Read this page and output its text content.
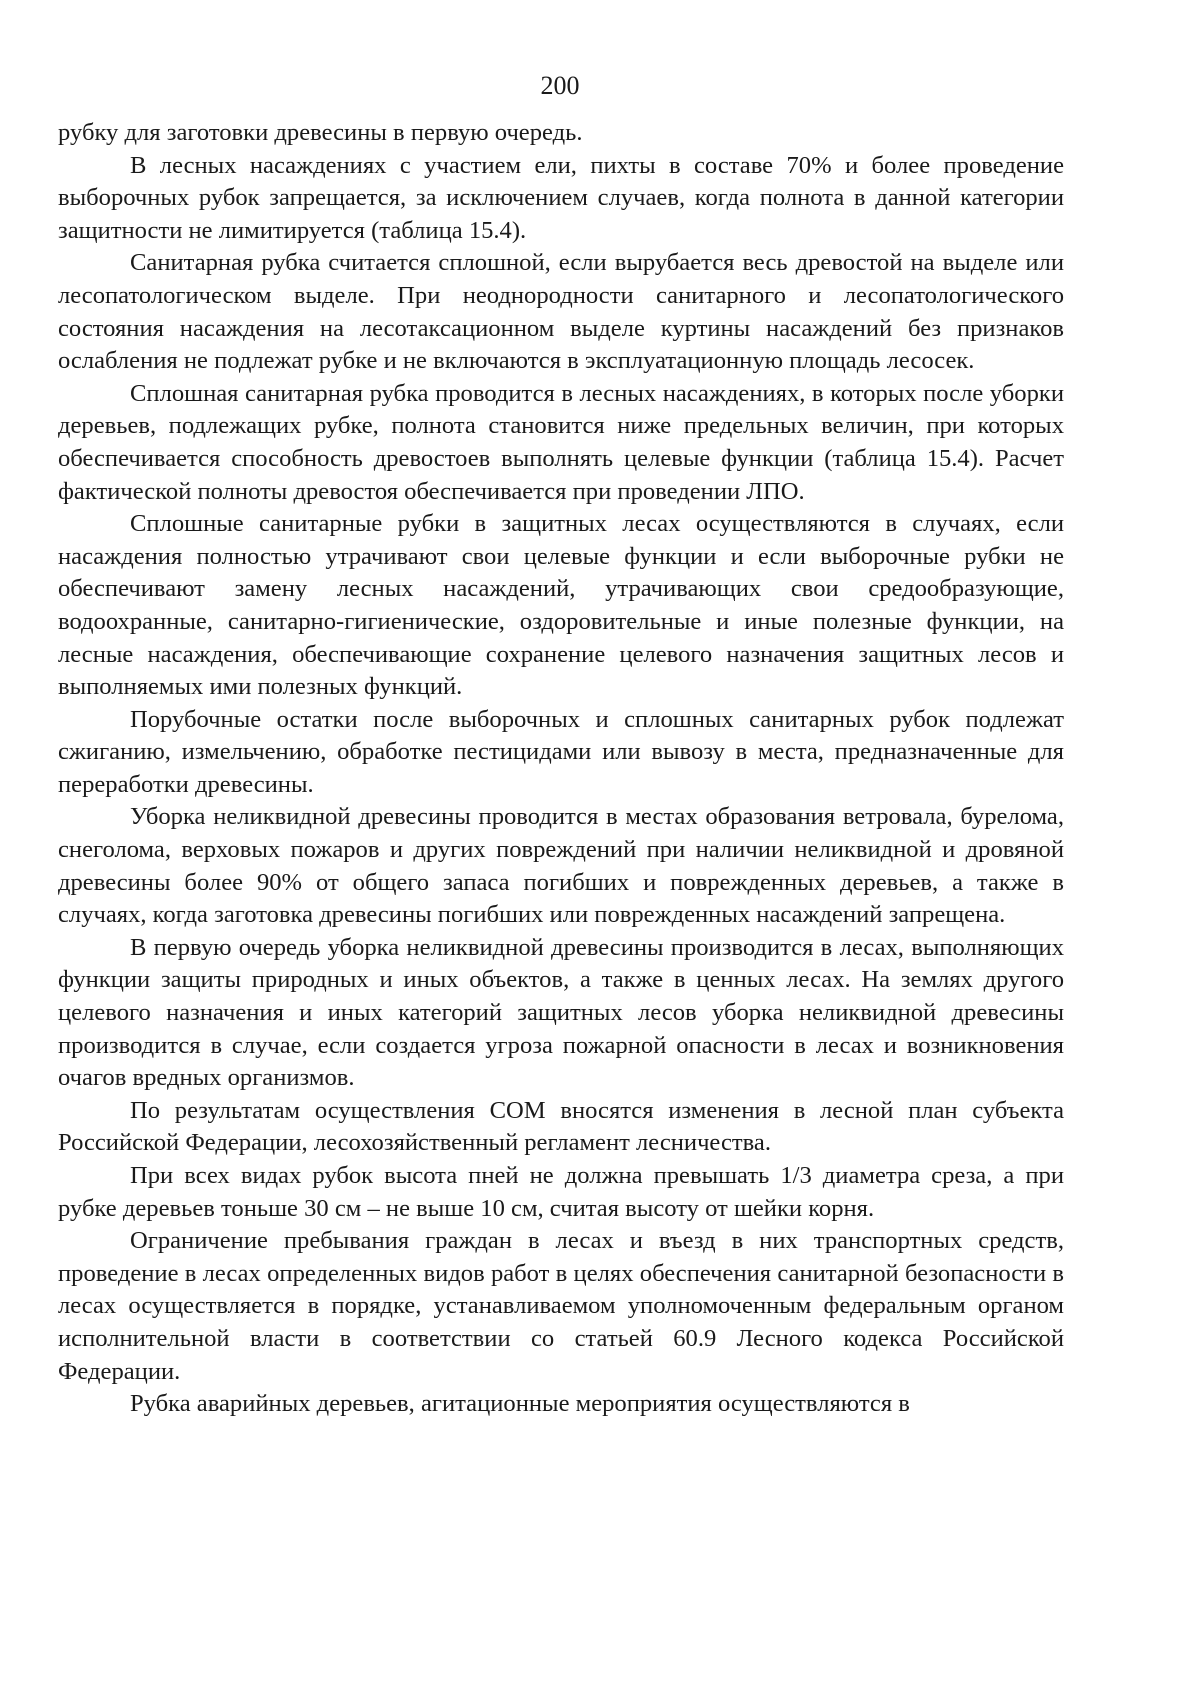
200

рубку для заготовки древесины в первую очередь.

В лесных насаждениях с участием ели, пихты в составе 70% и более проведение выборочных рубок запрещается, за исключением случаев, когда полнота в данной категории защитности не лимитируется (таблица 15.4).

Санитарная рубка считается сплошной, если вырубается весь древостой на выделе или лесопатологическом выделе. При неоднородности санитарного и лесопатологического состояния насаждения на лесотаксационном выделе куртины насаждений без признаков ослабления не подлежат рубке и не включаются в эксплуатационную площадь лесосек.

Сплошная санитарная рубка проводится в лесных насаждениях, в которых после уборки деревьев, подлежащих рубке, полнота становится ниже предельных величин, при которых обеспечивается способность древостоев выполнять целевые функции (таблица 15.4). Расчет фактической полноты древостоя обеспечивается при проведении ЛПО.

Сплошные санитарные рубки в защитных лесах осуществляются в случаях, если насаждения полностью утрачивают свои целевые функции и если выборочные рубки не обеспечивают замену лесных насаждений, утрачивающих свои средообразующие, водоохранные, санитарно-гигиенические, оздоровительные и иные полезные функции, на лесные насаждения, обеспечивающие сохранение целевого назначения защитных лесов и выполняемых ими полезных функций.

Порубочные остатки после выборочных и сплошных санитарных рубок подлежат сжиганию, измельчению, обработке пестицидами или вывозу в места, предназначенные для переработки древесины.

Уборка неликвидной древесины проводится в местах образования ветровала, бурелома, снеголома, верховых пожаров и других повреждений при наличии неликвидной и дровяной древесины более 90% от общего запаса погибших и поврежденных деревьев, а также в случаях, когда заготовка древесины погибших или поврежденных насаждений запрещена.

В первую очередь уборка неликвидной древесины производится в лесах, выполняющих функции защиты природных и иных объектов, а также в ценных лесах. На землях другого целевого назначения и иных категорий защитных лесов уборка неликвидной древесины производится в случае, если создается угроза пожарной опасности в лесах и возникновения очагов вредных организмов.

По результатам осуществления СОМ вносятся изменения в лесной план субъекта Российской Федерации, лесохозяйственный регламент лесничества.

При всех видах рубок высота пней не должна превышать 1/3 диаметра среза, а при рубке деревьев тоньше 30 см – не выше 10 см, считая высоту от шейки корня.

Ограничение пребывания граждан в лесах и въезд в них транспортных средств, проведение в лесах определенных видов работ в целях обеспечения санитарной безопасности в лесах осуществляется в порядке, устанавливаемом уполномоченным федеральным органом исполнительной власти в соответствии со статьей 60.9 Лесного кодекса Российской Федерации.

Рубка аварийных деревьев, агитационные мероприятия осуществляются в
